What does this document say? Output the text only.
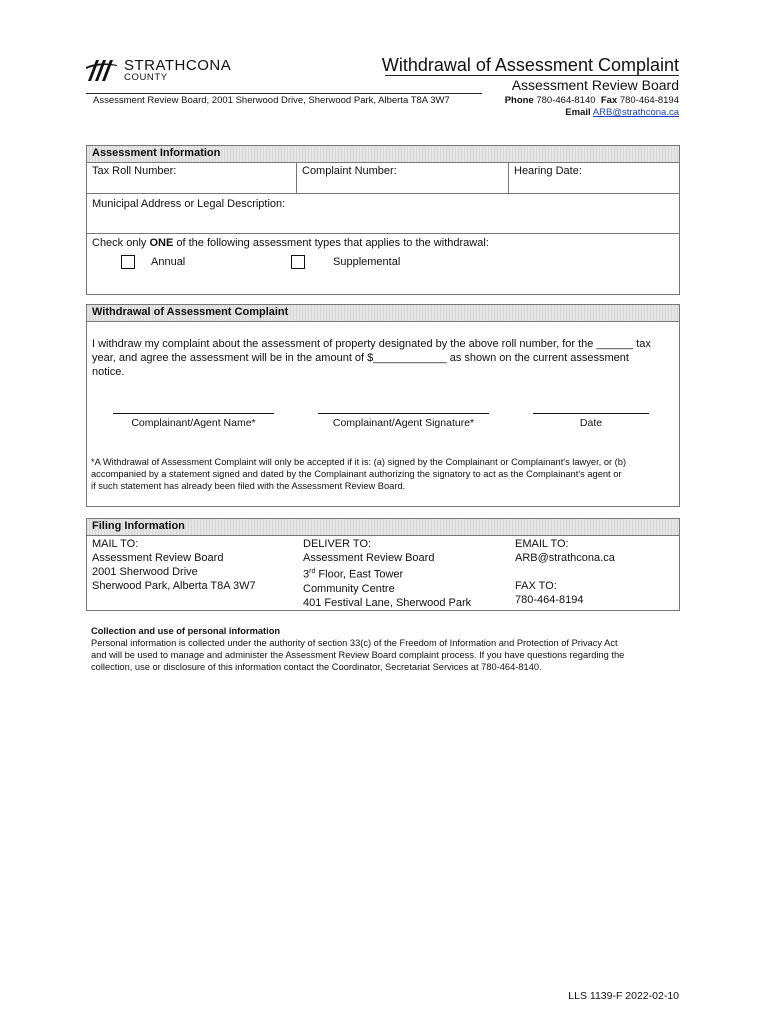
STRATHCONA
COUNTY
Withdrawal of Assessment Complaint
Assessment Review Board
Assessment Review Board, 2001 Sherwood Drive, Sherwood Park, Alberta T8A 3W7	Phone 780-464-8140 Fax 780-464-8194
Email ARB@strathcona.ca
Assessment Information
Tax Roll Number:	Complaint Number:	Hearing Date:
Municipal Address or Legal Description:
Check only ONE of the following assessment types that applies to the withdrawal:
Annual	Supplemental
Withdrawal of Assessment Complaint
I withdraw my complaint about the assessment of property designated by the above roll number, for the ______ tax
year, and agree the assessment will be in the amount of $____________ as shown on the current assessment
notice.
Complainant/Agent Name*	Complainant/Agent Signature*	Date
*A Withdrawal of Assessment Complaint will only be accepted if it is: (a) signed by the Complainant or Complainant's lawyer, or (b)
accompanied by a statement signed and dated by the Complainant authorizing the signatory to act as the Complainant's agent or
if such statement has already been filed with the Assessment Review Board.
Filing Information
MAIL TO:
Assessment Review Board
2001 Sherwood Drive
Sherwood Park, Alberta T8A 3W7
DELIVER TO:
Assessment Review Board
3rd Floor, East Tower
Community Centre
401 Festival Lane, Sherwood Park
EMAIL TO:
ARB@strathcona.ca
FAX TO:
780-464-8194
Collection and use of personal information
Personal information is collected under the authority of section 33(c) of the Freedom of Information and Protection of Privacy Act
and will be used to manage and administer the Assessment Review Board complaint process. If you have questions regarding the
collection, use or disclosure of this information contact the Coordinator, Secretariat Services at 780-464-8140.
LLS 1139-F 2022-02-10
